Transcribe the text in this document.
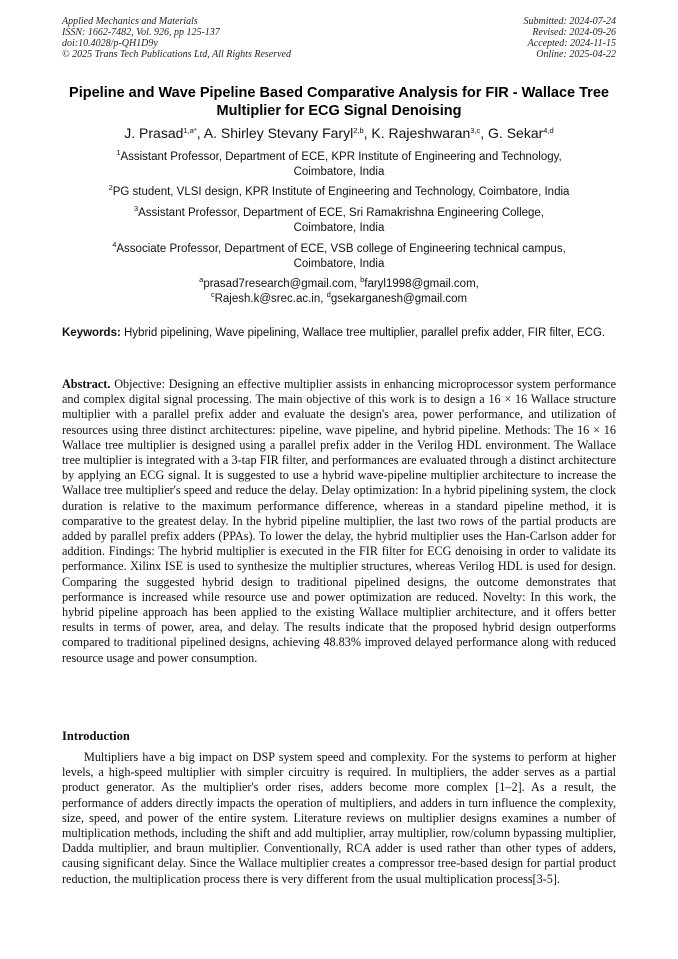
Applied Mechanics and Materials
ISSN: 1662-7482, Vol. 926, pp 125-137
doi:10.4028/p-QH1D9y
© 2025 Trans Tech Publications Ltd, All Rights Reserved
Submitted: 2024-07-24
Revised: 2024-09-26
Accepted: 2024-11-15
Online: 2025-04-22
Pipeline and Wave Pipeline Based Comparative Analysis for FIR - Wallace Tree Multiplier for ECG Signal Denoising
J. Prasad$^{1,a*}$, A. Shirley Stevany Faryl$^{2,b}$, K. Rajeshwaran$^{3,c}$, G. Sekar$^{4,d}$
$^1$Assistant Professor, Department of ECE, KPR Institute of Engineering and Technology,
Coimbatore, India
$^2$PG student, VLSI design, KPR Institute of Engineering and Technology, Coimbatore, India
$^3$Assistant Professor, Department of ECE, Sri Ramakrishna Engineering College,
Coimbatore, India
$^4$Associate Professor, Department of ECE, VSB college of Engineering technical campus,
Coimbatore, India
$^a$prasad7research@gmail.com, $^b$faryl1998@gmail.com,
$^c$Rajesh.k@srec.ac.in, $^d$gsekarganesh@gmail.com
Keywords: Hybrid pipelining, Wave pipelining, Wallace tree multiplier, parallel prefix adder, FIR filter, ECG.
Abstract. Objective: Designing an effective multiplier assists in enhancing microprocessor system performance and complex digital signal processing. The main objective of this work is to design a 16 × 16 Wallace structure multiplier with a parallel prefix adder and evaluate the design's area, power performance, and utilization of resources using three distinct architectures: pipeline, wave pipeline, and hybrid pipeline. Methods: The 16 × 16 Wallace tree multiplier is designed using a parallel prefix adder in the Verilog HDL environment. The Wallace tree multiplier is integrated with a 3-tap FIR filter, and performances are evaluated through a distinct architecture by applying an ECG signal. It is suggested to use a hybrid wave-pipeline multiplier architecture to increase the Wallace tree multiplier's speed and reduce the delay. Delay optimization: In a hybrid pipelining system, the clock duration is relative to the maximum performance difference, whereas in a standard pipeline method, it is comparative to the greatest delay. In the hybrid pipeline multiplier, the last two rows of the partial products are added by parallel prefix adders (PPAs). To lower the delay, the hybrid multiplier uses the Han-Carlson adder for addition. Findings: The hybrid multiplier is executed in the FIR filter for ECG denoising in order to validate its performance. Xilinx ISE is used to synthesize the multiplier structures, whereas Verilog HDL is used for design. Comparing the suggested hybrid design to traditional pipelined designs, the outcome demonstrates that performance is increased while resource use and power optimization are reduced. Novelty: In this work, the hybrid pipeline approach has been applied to the existing Wallace multiplier architecture, and it offers better results in terms of power, area, and delay. The results indicate that the proposed hybrid design outperforms compared to traditional pipelined designs, achieving 48.83% improved delayed performance along with reduced resource usage and power consumption.
Introduction
Multipliers have a big impact on DSP system speed and complexity. For the systems to perform at higher levels, a high-speed multiplier with simpler circuitry is required. In multipliers, the adder serves as a partial product generator. As the multiplier's order rises, adders become more complex [1–2]. As a result, the performance of adders directly impacts the operation of multipliers, and adders in turn influence the complexity, size, speed, and power of the entire system. Literature reviews on multiplier designs examines a number of multiplication methods, including the shift and add multiplier, array multiplier, row/column bypassing multiplier, Dadda multiplier, and braun multiplier. Conventionally, RCA adder is used rather than other types of adders, causing significant delay. Since the Wallace multiplier creates a compressor tree-based design for partial product reduction, the multiplication process there is very different from the usual multiplication process[3-5].
